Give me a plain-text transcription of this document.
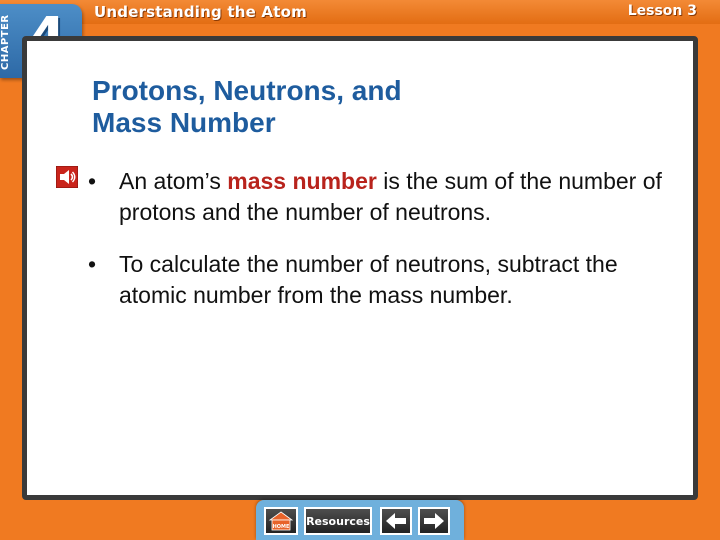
Understanding the Atom	Lesson 3
CHAPTER
Protons, Neutrons, and
Mass Number
• An atom’s mass number is the sum of the number of protons and the number of neutrons.
• To calculate the number of neutrons, subtract the atomic number from the mass number.
HOME Resources
